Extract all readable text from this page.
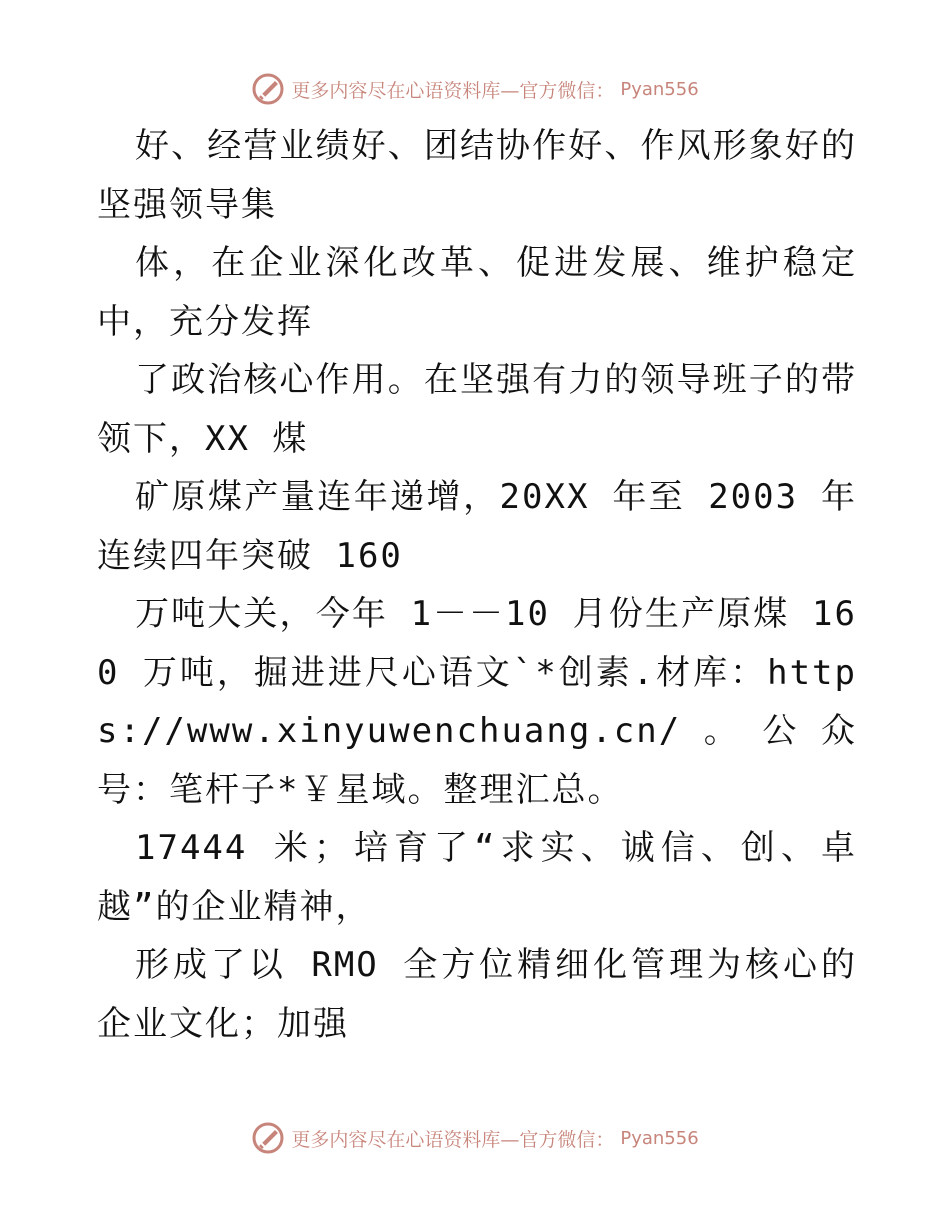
更多内容尽在心语资料库—官方微信： Pyan556

好、经营业绩好、团结协作好、作风形象好的坚强领导集

体，在企业深化改革、促进发展、维护稳定中，充分发挥

了政治核心作用。在坚强有力的领导班子的带领下，XX 煤

矿原煤产量连年递增，20XX 年至 2003 年连续四年突破 160

万吨大关，今年 1－－10 月份生产原煤 160 万吨，掘进进尺心语文`*创素.材库：https://www.xinyuwenchuang.cn/。公众号：笔杆子*￥星域。整理汇总。

17444 米；培育了“求实、诚信、创、卓越”的企业精神，

形成了以 RMO 全方位精细化管理为核心的企业文化；加强

更多内容尽在心语资料库—官方微信： Pyan556
